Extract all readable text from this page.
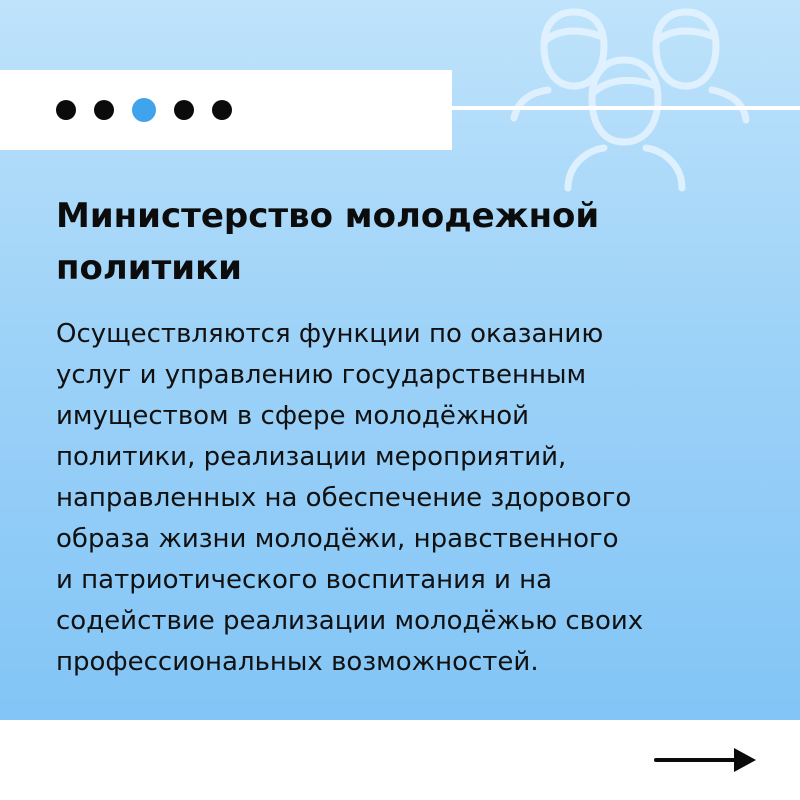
Министерство молодежной политики
Осуществляются функции по оказанию
услуг и управлению государственным
имуществом в сфере молодёжной
политики, реализации мероприятий,
направленных на обеспечение здорового
образа жизни молодёжи, нравственного
и патриотического воспитания и на
содействие реализации молодёжью своих
профессиональных возможностей.
